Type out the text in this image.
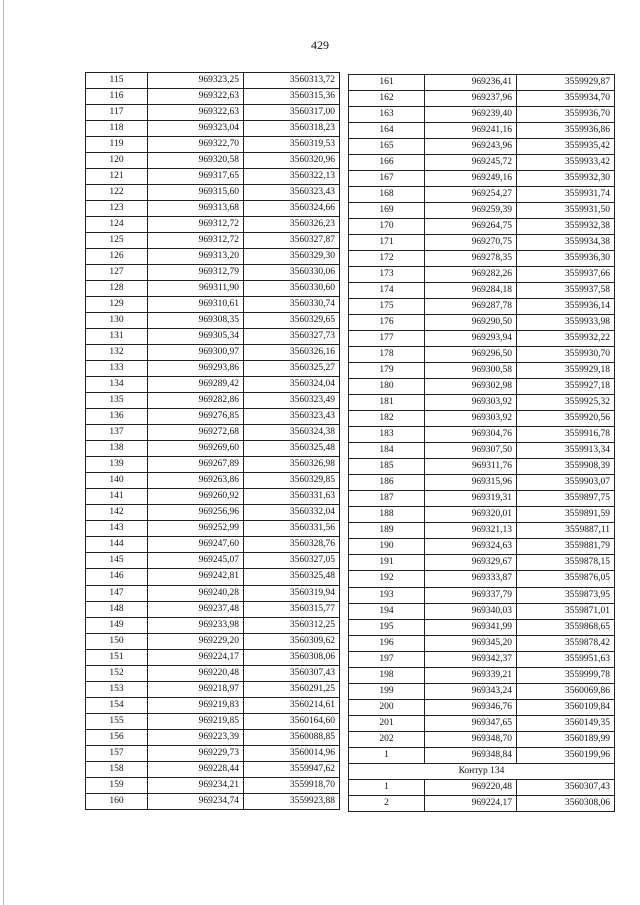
429
115	969323,25	3560313,72
116	969322,63	3560315,36
117	969322,63	3560317,00
118	969323,04	3560318,23
119	969322,70	3560319,53
120	969320,58	3560320,96
121	969317,65	3560322,13
122	969315,60	3560323,43
123	969313,68	3560324,66
124	969312,72	3560326,23
125	969312,72	3560327,87
126	969313,20	3560329,30
127	969312,79	3560330,06
128	969311,90	3560330,60
129	969310,61	3560330,74
130	969308,35	3560329,65
131	969305,34	3560327,73
132	969300,97	3560326,16
133	969293,86	3560325,27
134	969289,42	3560324,04
135	969282,86	3560323,49
136	969276,85	3560323,43
137	969272,68	3560324,38
138	969269,60	3560325,48
139	969267,89	3560326,98
140	969263,86	3560329,85
141	969260,92	3560331,63
142	969256,96	3560332,04
143	969252,99	3560331,56
144	969247,60	3560328,76
145	969245,07	3560327,05
146	969242,81	3560325,48
147	969240,28	3560319,94
148	969237,48	3560315,77
149	969233,98	3560312,25
150	969229,20	3560309,62
151	969224,17	3560308,06
152	969220,48	3560307,43
153	969218,97	3560291,25
154	969219,83	3560214,61
155	969219,85	3560164,60
156	969223,39	3560088,85
157	969229,73	3560014,96
158	969228,44	3559947,62
159	969234,21	3559918,70
160	969234,74	3559923,88
161	969236,41	3559929,87
162	969237,96	3559934,70
163	969239,40	3559936,70
164	969241,16	3559936,86
165	969243,96	3559935,42
166	969245,72	3559933,42
167	969249,16	3559932,30
168	969254,27	3559931,74
169	969259,39	3559931,50
170	969264,75	3559932,38
171	969270,75	3559934,38
172	969278,35	3559936,30
173	969282,26	3559937,66
174	969284,18	3559937,58
175	969287,78	3559936,14
176	969290,50	3559933,98
177	969293,94	3559932,22
178	969296,50	3559930,70
179	969300,58	3559929,18
180	969302,98	3559927,18
181	969303,92	3559925,32
182	969303,92	3559920,56
183	969304,76	3559916,78
184	969307,50	3559913,34
185	969311,76	3559908,39
186	969315,96	3559903,07
187	969319,31	3559897,75
188	969320,01	3559891,59
189	969321,13	3559887,11
190	969324,63	3559881,79
191	969329,67	3559878,15
192	969333,87	3559876,05
193	969337,79	3559873,95
194	969340,03	3559871,01
195	969341,99	3559868,65
196	969345,20	3559878,42
197	969342,37	3559951,63
198	969339,21	3559999,78
199	969343,24	3560069,86
200	969346,76	3560109,84
201	969347,65	3560149,35
202	969348,70	3560189,99
1	969348,84	3560199,96
Контур 134		
1	969220,48	3560307,43
2	969224,17	3560308,06
